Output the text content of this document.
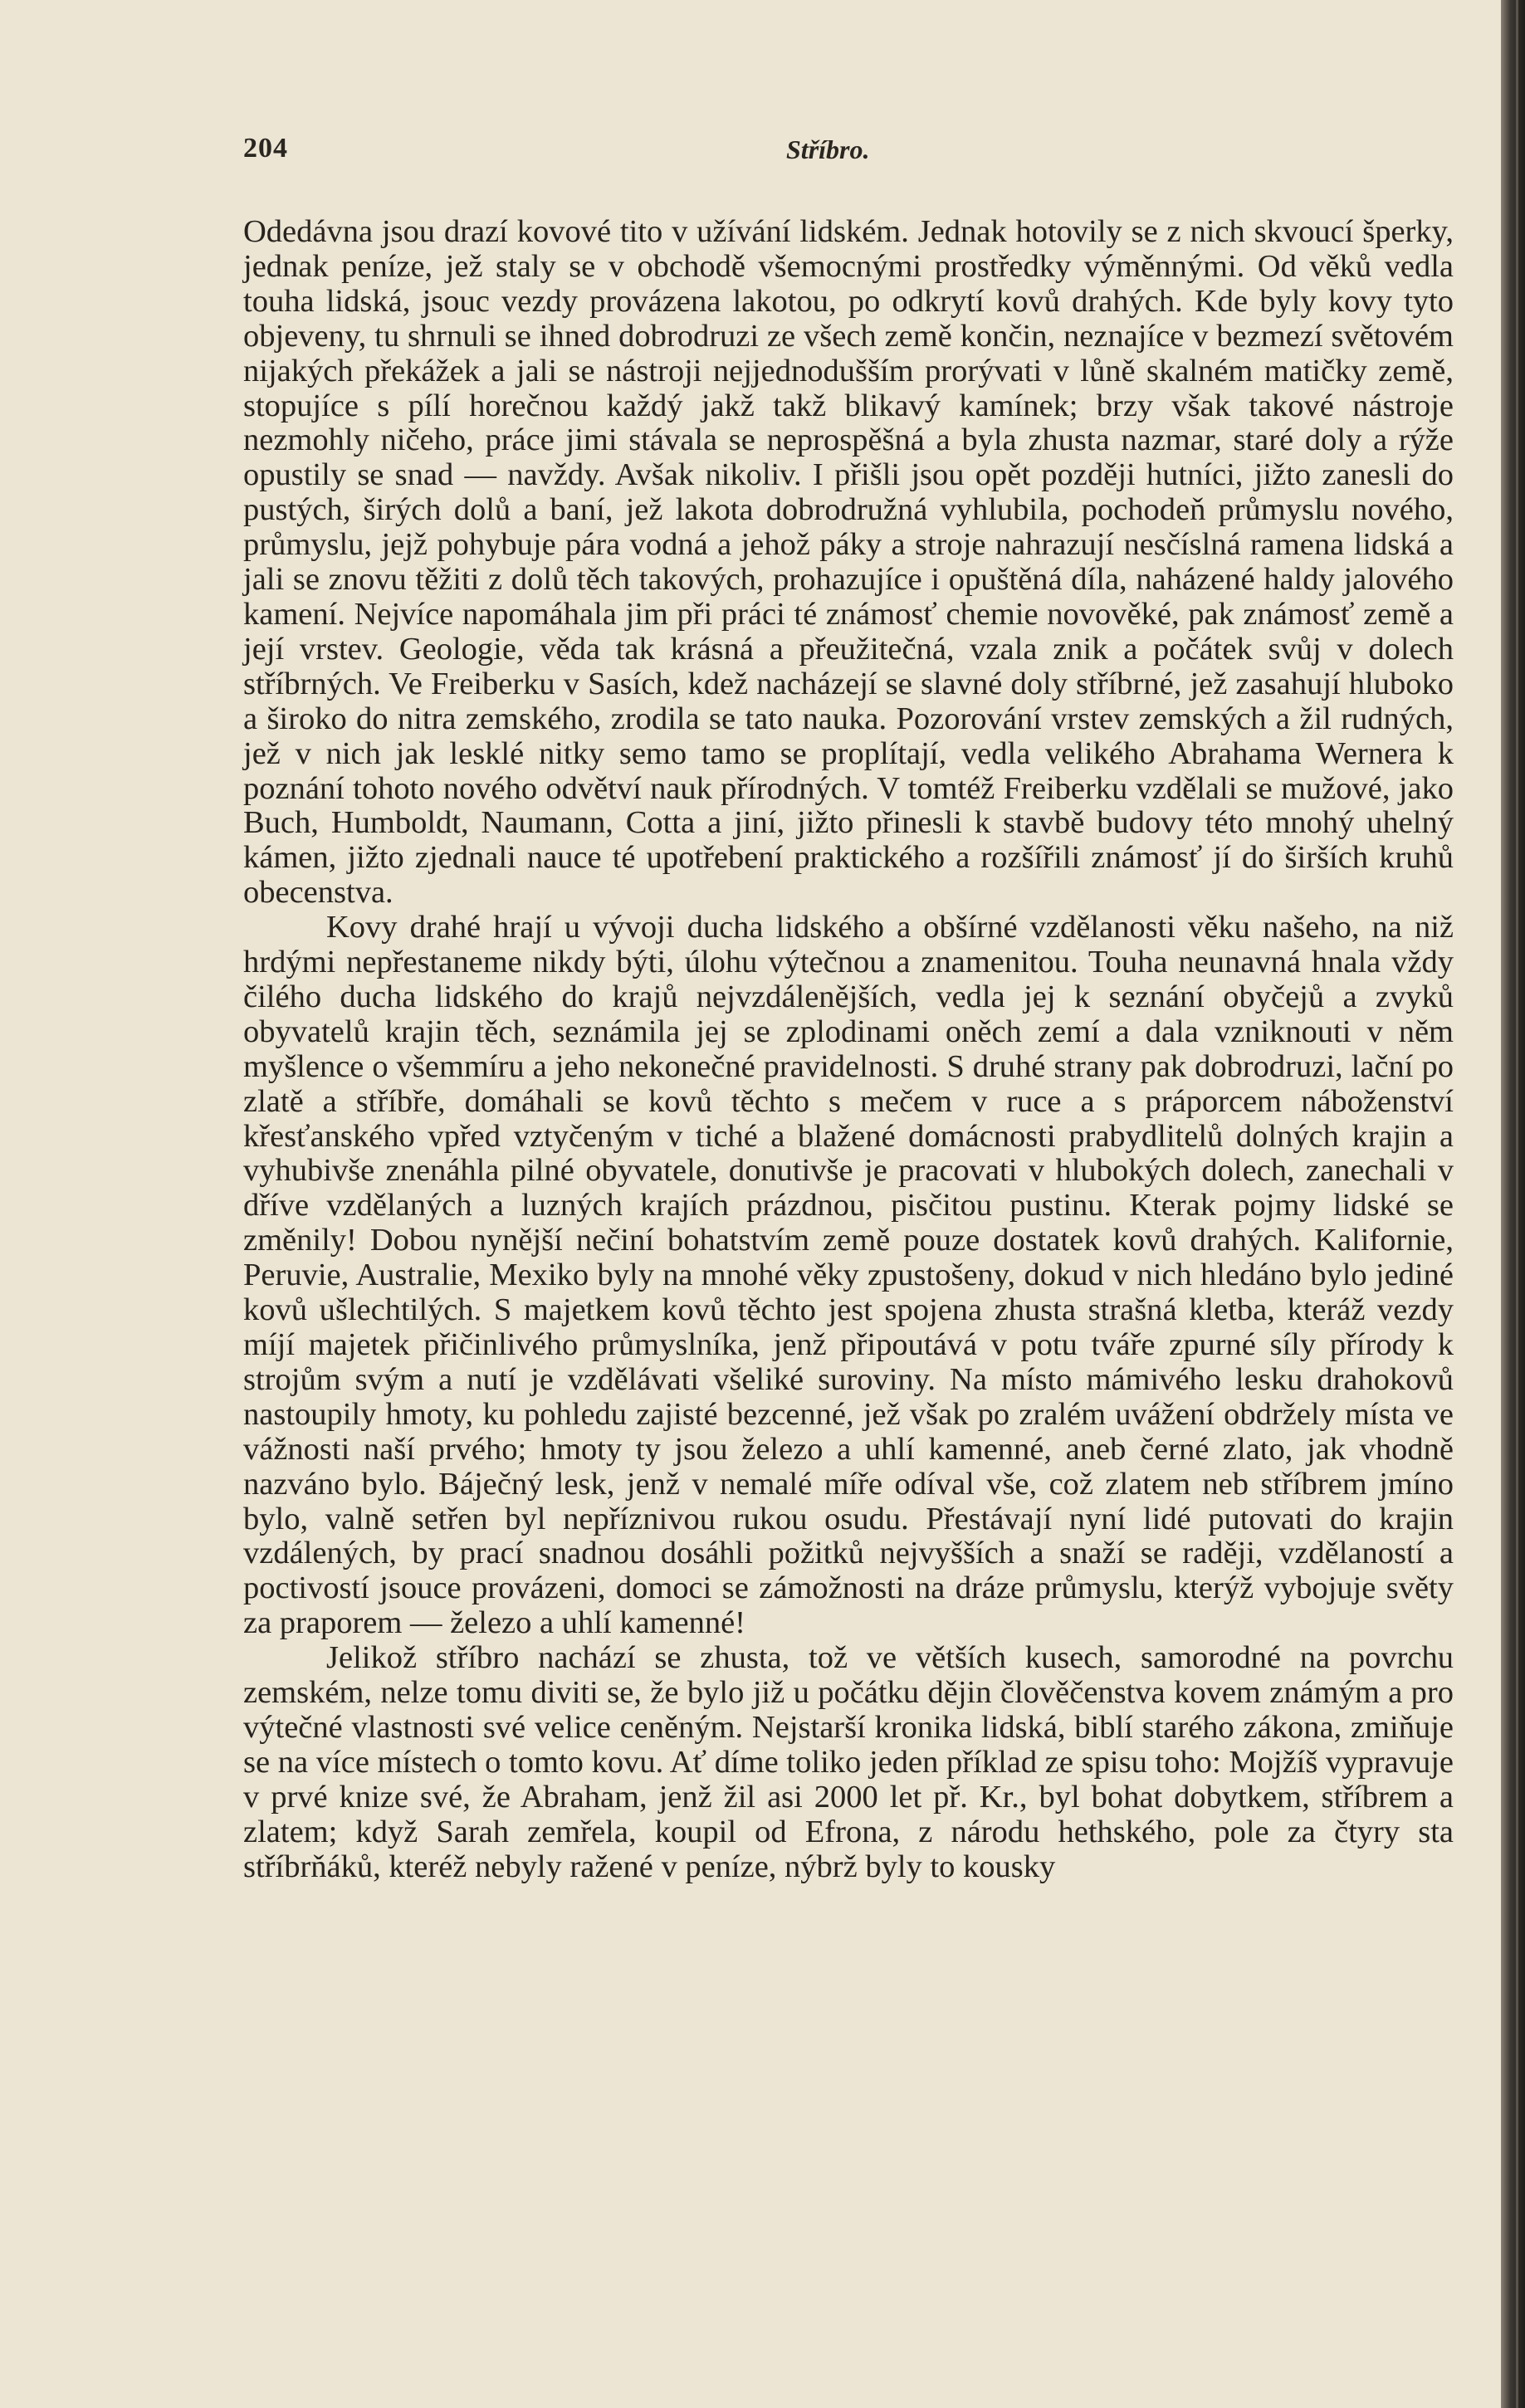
204	Stříbro.

Odedávna jsou drazí kovové tito v užívání lidském. Jednak hotovily se z nich skvoucí šperky, jednak peníze, jež staly se v obchodě všemocnými prostředky výměnnými. Od věků vedla touha lidská, jsouc vezdy provázena lakotou, po odkrytí kovů drahých. Kde byly kovy tyto objeveny, tu shrnuli se ihned dobrodruzi ze všech země končin, neznajíce v bezmezí světovém nijakých překážek a jali se nástroji nejjednodušším prorývati v lůně skalném matičky země, stopujíce s pílí horečnou každý jakž takž blikavý kamínek; brzy však takové nástroje nezmohly ničeho, práce jimi stávala se neprospěšná a byla zhusta nazmar, staré doly a rýže opustily se snad — navždy. Avšak nikoliv. I přišli jsou opět později hutníci, jižto zanesli do pustých, širých dolů a baní, jež lakota dobrodružná vyhlubila, pochodeň průmyslu nového, průmyslu, jejž pohybuje pára vodná a jehož páky a stroje nahrazují nesčíslná ramena lidská a jali se znovu těžiti z dolů těch takových, prohazujíce i opuštěná díla, naházené haldy jalového kamení. Nejvíce napomáhala jim při práci té známosť chemie novověké, pak známosť země a její vrstev. Geologie, věda tak krásná a přeužitečná, vzala znik a počátek svůj v dolech stříbrných. Ve Freiberku v Sasích, kdež nacházejí se slavné doly stříbrné, jež zasahují hluboko a široko do nitra zemského, zrodila se tato nauka. Pozorování vrstev zemských a žil rudných, jež v nich jak lesklé nitky semo tamo se proplítají, vedla velikého Abrahama Wernera k poznání tohoto nového odvětví nauk přírodných. V tomtéž Freiberku vzdělali se mužové, jako Buch, Humboldt, Naumann, Cotta a jiní, jižto přinesli k stavbě budovy této mnohý uhelný kámen, jižto zjednali nauce té upotřebení praktického a rozšířili známosť jí do širších kruhů obecenstva.

Kovy drahé hrají u vývoji ducha lidského a obšírné vzdělanosti věku našeho, na niž hrdými nepřestaneme nikdy býti, úlohu výtečnou a znamenitou. Touha neunavná hnala vždy čilého ducha lidského do krajů nejvzdálenějších, vedla jej k seznání obyčejů a zvyků obyvatelů krajin těch, seznámila jej se zplodinami oněch zemí a dala vzniknouti v něm myšlence o všemmíru a jeho nekonečné pravidelnosti. S druhé strany pak dobrodruzi, lační po zlatě a stříbře, domáhali se kovů těchto s mečem v ruce a s práporcem náboženství křesťanského vpřed vztyčeným v tiché a blažené domácnosti prabydlitelů dolných krajin a vyhubivše znenáhla pilné obyvatele, donutivše je pracovati v hlubokých dolech, zanechali v dříve vzdělaných a luzných krajích prázdnou, pisčitou pustinu. Kterak pojmy lidské se změnily! Dobou nynější nečiní bohatstvím země pouze dostatek kovů drahých. Kalifornie, Peruvie, Australie, Mexiko byly na mnohé věky zpustošeny, dokud v nich hledáno bylo jediné kovů ušlechtilých. S majetkem kovů těchto jest spojena zhusta strašná kletba, kteráž vezdy míjí majetek přičinlivého průmyslníka, jenž připoutává v potu tváře zpurné síly přírody k strojům svým a nutí je vzdělávati všeliké suroviny. Na místo mámivého lesku drahokovů nastoupily hmoty, ku pohledu zajisté bezcenné, jež však po zralém uvážení obdržely místa ve vážnosti naší prvého; hmoty ty jsou železo a uhlí kamenné, aneb černé zlato, jak vhodně nazváno bylo. Báječný lesk, jenž v nemalé míře odíval vše, což zlatem neb stříbrem jmíno bylo, valně setřen byl nepříznivou rukou osudu. Přestávají nyní lidé putovati do krajin vzdálených, by prací snadnou dosáhli požitků nejvyšších a snaží se raději, vzdělaností a poctivostí jsouce provázeni, domoci se zámožnosti na dráze průmyslu, kterýž vybojuje světy za praporem — železo a uhlí kamenné!

Jelikož stříbro nachází se zhusta, tož ve větších kusech, samorodné na povrchu zemském, nelze tomu diviti se, že bylo již u počátku dějin člověčenstva kovem známým a pro výtečné vlastnosti své velice ceněným. Nejstarší kronika lidská, biblí starého zákona, zmiňuje se na více místech o tomto kovu. Ať díme toliko jeden příklad ze spisu toho: Mojžíš vypravuje v prvé knize své, že Abraham, jenž žil asi 2000 let př. Kr., byl bohat dobytkem, stříbrem a zlatem; když Sarah zemřela, koupil od Efrona, z národu hethského, pole za čtyry sta stříbrňáků, kteréž nebyly ražené v peníze, nýbrž byly to kousky
